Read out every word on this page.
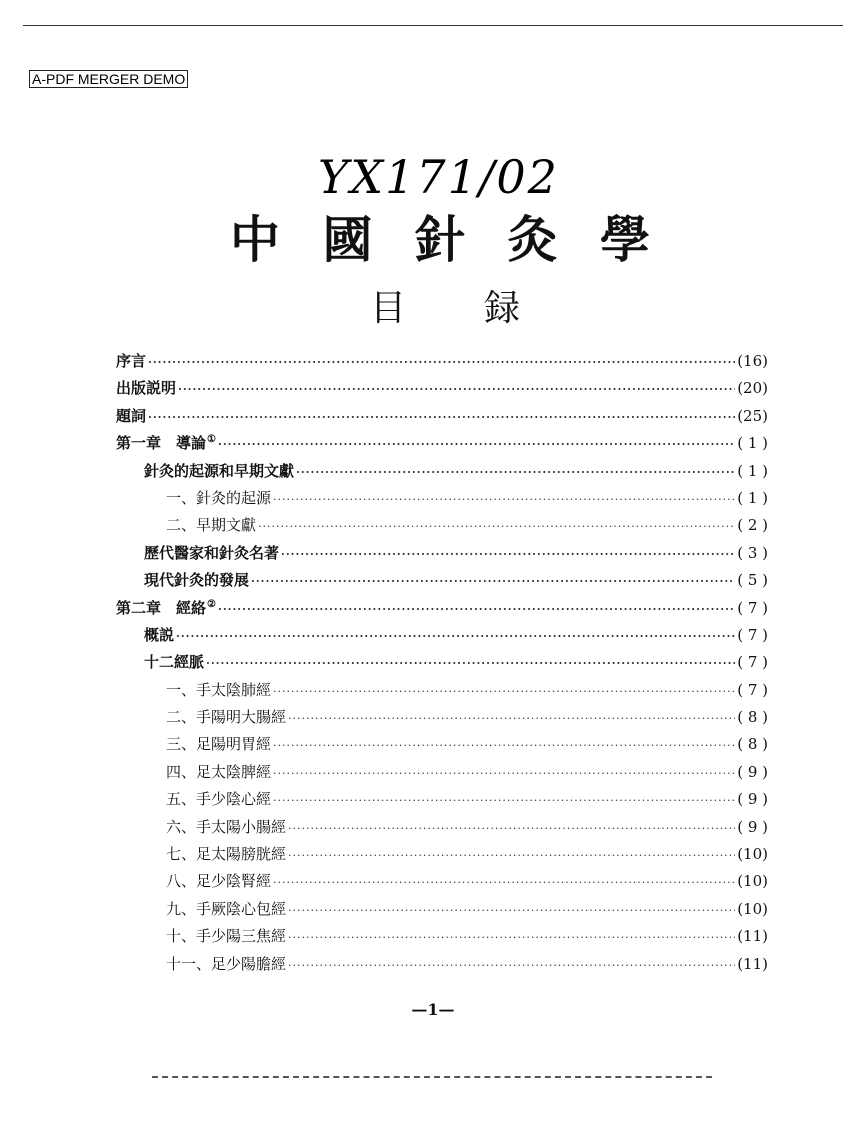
A-PDF MERGER DEMO
YX171/02
中 國 針 灸 學
目 録
序言 ·····	(16)
出版説明 ·····	(20)
題詞 ·····	(25)
第一章　導論① ·····	( 1 )
針灸的起源和早期文獻 ·····	( 1 )
一、針灸的起源 ·····	( 1 )
二、早期文獻 ·····	( 2 )
歷代醫家和針灸名著 ·····	( 3 )
現代針灸的發展 ·····	( 5 )
第二章　經絡② ·····	( 7 )
概説 ·····	( 7 )
十二經脈 ·····	( 7 )
一、手太陰肺經 ·····	( 7 )
二、手陽明大腸經 ·····	( 8 )
三、足陽明胃經 ·····	( 8 )
四、足太陰脾經 ·····	( 9 )
五、手少陰心經 ·····	( 9 )
六、手太陽小腸經 ·····	( 9 )
七、足太陽膀胱經 ·····	(10)
八、足少陰腎經 ·····	(10)
九、手厥陰心包經 ·····	(10)
十、手少陽三焦經 ·····	(11)
十一、足少陽膽經 ·····	(11)
—1—
